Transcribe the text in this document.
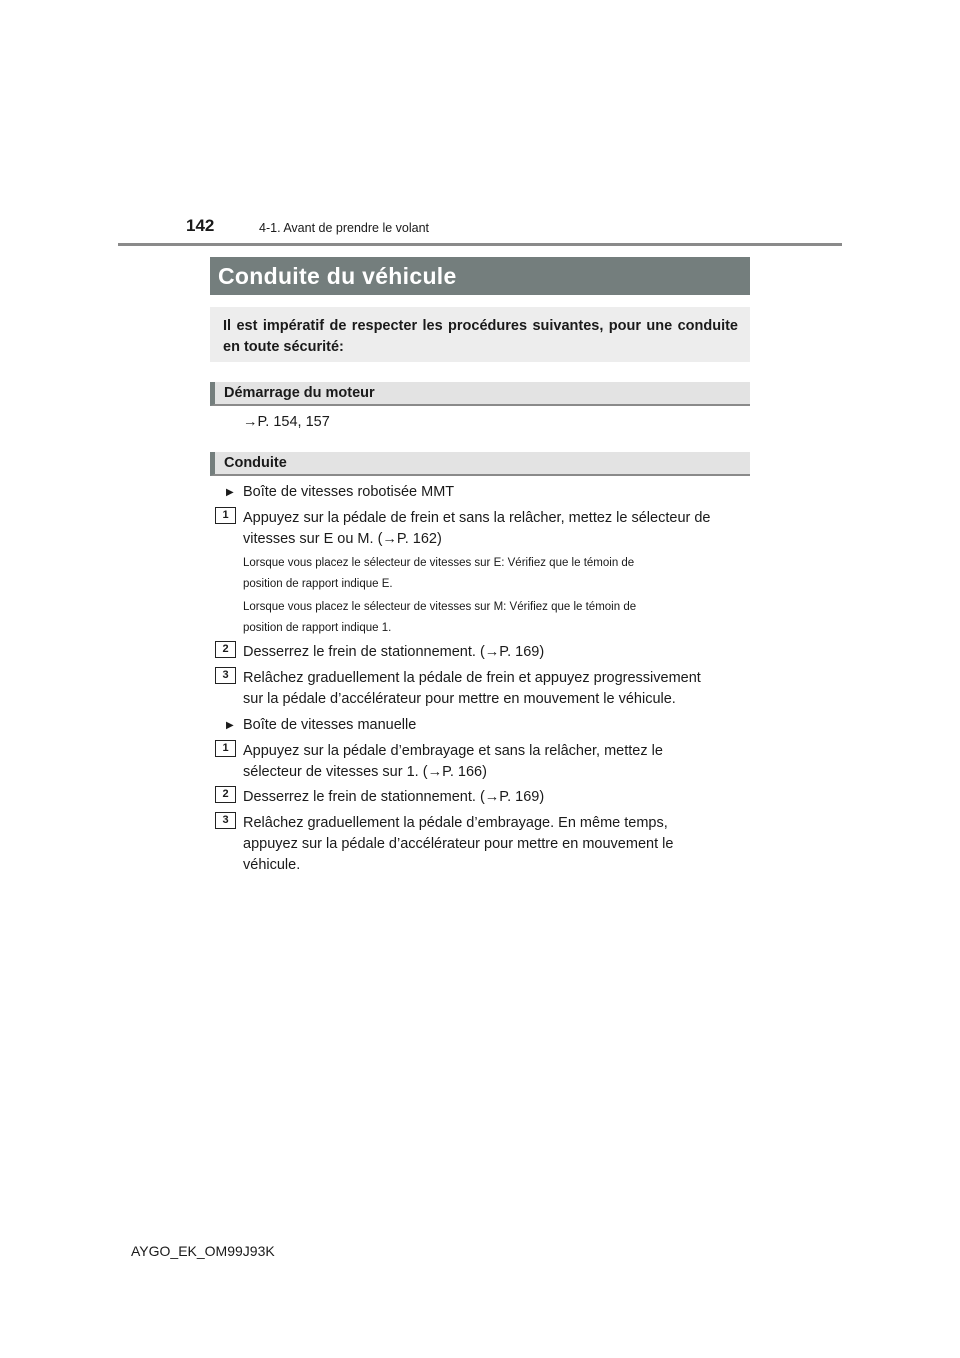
142	4-1. Avant de prendre le volant
Conduite du véhicule
Il est impératif de respecter les procédures suivantes, pour une conduite en toute sécurité:
Démarrage du moteur
→P. 154, 157
Conduite
▶ Boîte de vitesses robotisée MMT
1 Appuyez sur la pédale de frein et sans la relâcher, mettez le sélecteur de
vitesses sur E ou M. (→P. 162)
Lorsque vous placez le sélecteur de vitesses sur E: Vérifiez que le témoin de
position de rapport indique E.
Lorsque vous placez le sélecteur de vitesses sur M: Vérifiez que le témoin de
position de rapport indique 1.
2 Desserrez le frein de stationnement. (→P. 169)
3 Relâchez graduellement la pédale de frein et appuyez progressivement
sur la pédale d’accélérateur pour mettre en mouvement le véhicule.
▶ Boîte de vitesses manuelle
1 Appuyez sur la pédale d’embrayage et sans la relâcher, mettez le
sélecteur de vitesses sur 1. (→P. 166)
2 Desserrez le frein de stationnement. (→P. 169)
3 Relâchez graduellement la pédale d’embrayage. En même temps,
appuyez sur la pédale d’accélérateur pour mettre en mouvement le
véhicule.
AYGO_EK_OM99J93K
